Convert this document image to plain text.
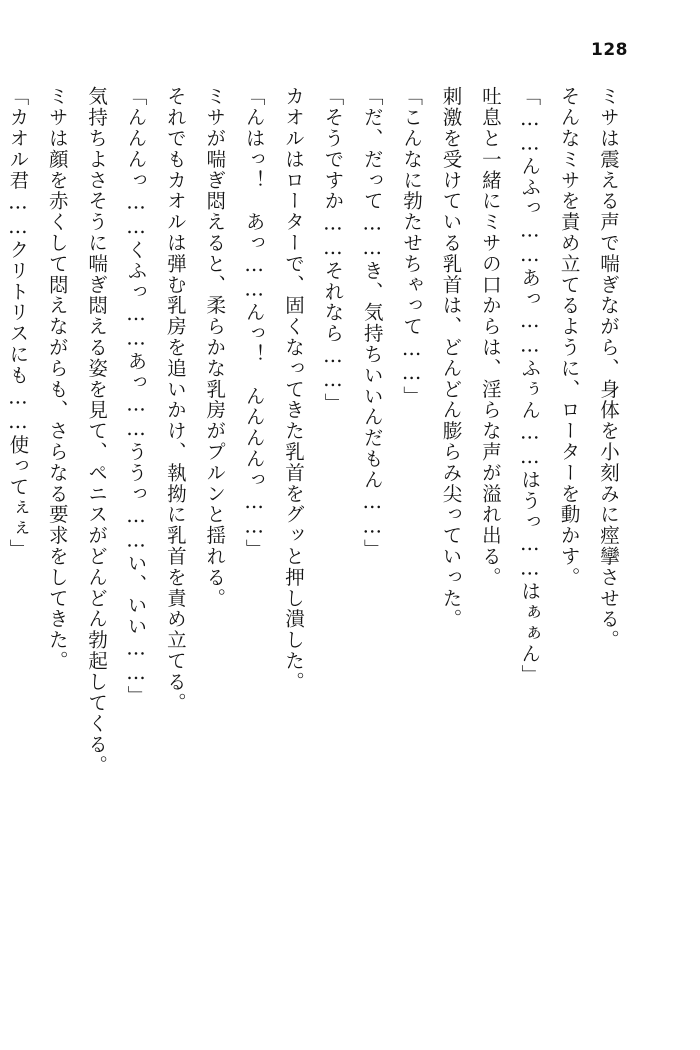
128

ミサは震える声で喘ぎながら、身体を小刻みに痙攣させる。

そんなミサを責め立てるように、ローターを動かす。

「……んふっ……あっ……ふぅん……はうっ……はぁぁん」

吐息と一緒にミサの口からは、淫らな声が溢れ出る。

刺激を受けている乳首は、どんどん膨らみ尖っていった。

「こんなに勃たせちゃって……」

「だ、だって……き、気持ちいいんだもん……」

「そうですか……それなら……」

カオルはローターで、固くなってきた乳首をグッと押し潰した。

「んはっ！　あっ……んっ！　んんんんっ……」

ミサが喘ぎ悶えると、柔らかな乳房がプルンと揺れる。

それでもカオルは弾む乳房を追いかけ、執拗に乳首を責め立てる。

「んんんっ……くふっ……あっ……ううっ……い、いい……」

気持ちよさそうに喘ぎ悶える姿を見て、ペニスがどんどん勃起してくる。

ミサは顔を赤くして悶えながらも、さらなる要求をしてきた。

「カオル君……クリトリスにも……使ってぇぇ」
